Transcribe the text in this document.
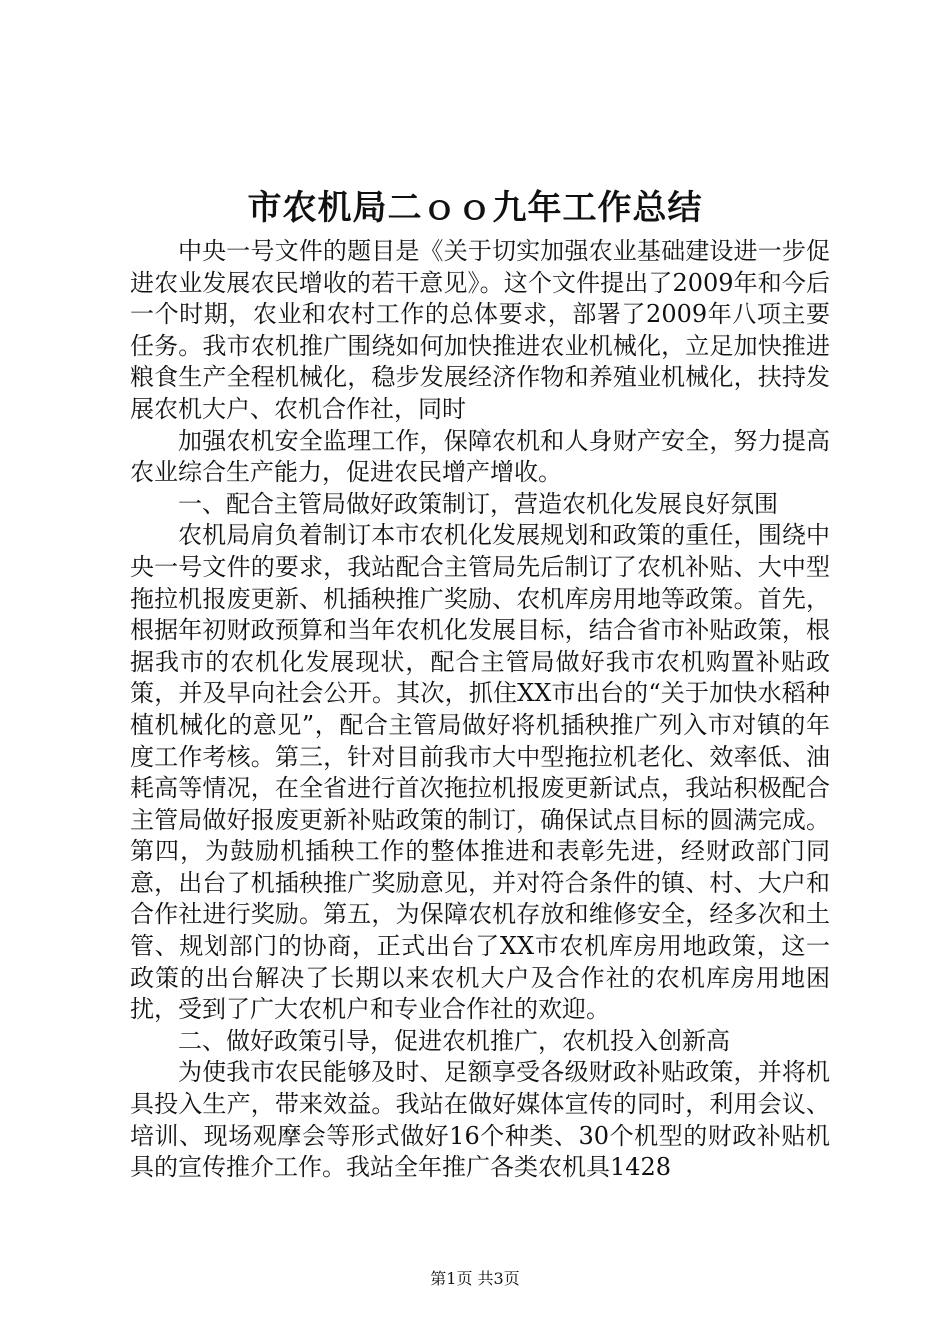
市农机局二ｏｏ九年工作总结

中央一号文件的题目是《关于切实加强农业基础建设进一步促进农业发展农民增收的若干意见》。这个文件提出了2009年和今后一个时期，农业和农村工作的总体要求，部署了2009年八项主要任务。我市农机推广围绕如何加快推进农业机械化，立足加快推进粮食生产全程机械化，稳步发展经济作物和养殖业机械化，扶持发展农机大户、农机合作社，同时

加强农机安全监理工作，保障农机和人身财产安全，努力提高农业综合生产能力，促进农民增产增收。

一、配合主管局做好政策制订，营造农机化发展良好氛围

农机局肩负着制订本市农机化发展规划和政策的重任，围绕中央一号文件的要求，我站配合主管局先后制订了农机补贴、大中型拖拉机报废更新、机插秧推广奖励、农机库房用地等政策。首先，根据年初财政预算和当年农机化发展目标，结合省市补贴政策，根据我市的农机化发展现状，配合主管局做好我市农机购置补贴政策，并及早向社会公开。其次，抓住XX市出台的“关于加快水稻种植机械化的意见”，配合主管局做好将机插秧推广列入市对镇的年度工作考核。第三，针对目前我市大中型拖拉机老化、效率低、油耗高等情况，在全省进行首次拖拉机报废更新试点，我站积极配合主管局做好报废更新补贴政策的制订，确保试点目标的圆满完成。第四，为鼓励机插秧工作的整体推进和表彰先进，经财政部门同意，出台了机插秧推广奖励意见，并对符合条件的镇、村、大户和合作社进行奖励。第五，为保障农机存放和维修安全，经多次和土管、规划部门的协商，正式出台了XX市农机库房用地政策，这一政策的出台解决了长期以来农机大户及合作社的农机库房用地困扰，受到了广大农机户和专业合作社的欢迎。

二、做好政策引导，促进农机推广，农机投入创新高

为使我市农民能够及时、足额享受各级财政补贴政策，并将机具投入生产，带来效益。我站在做好媒体宣传的同时，利用会议、培训、现场观摩会等形式做好16个种类、30个机型的财政补贴机具的宣传推介工作。我站全年推广各类农机具1428

第1页 共3页
